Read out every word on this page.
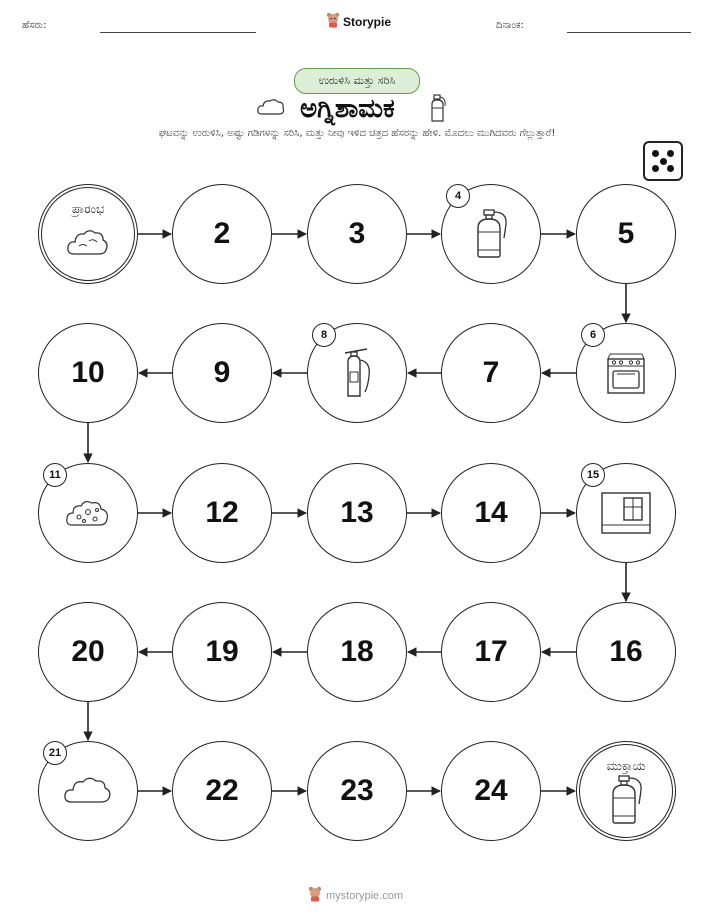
ಹೆಸರು:	Storypie	ದಿನಾಂಕ:
ಉರುಳಿಸಿ ಮತ್ತು ಸರಿಸಿ
ಅಗ್ನಿಶಾಮಕ
ಘಟವನ್ನು ಉರುಳಿಸಿ, ಅಷ್ಟು ಗಡಿಗಳನ್ನು ಸರಿಸಿ, ಮತ್ತು ನೀವು ಇಳಿದ ಚಿತ್ರದ ಹೆಸರನ್ನು ಹೇಳಿ. ಮೊದಲು ಮುಗಿದವರು ಗೆಲ್ಲುತ್ತಾರೆ!
ಪ್ರಾರಂಭ
2	3
4
5
6
7
8
9
10
11
12	13	14
15
16
17
18
19
20
21
22	23	24
ಮುಕ್ತಾಯ
mystorypie.com
